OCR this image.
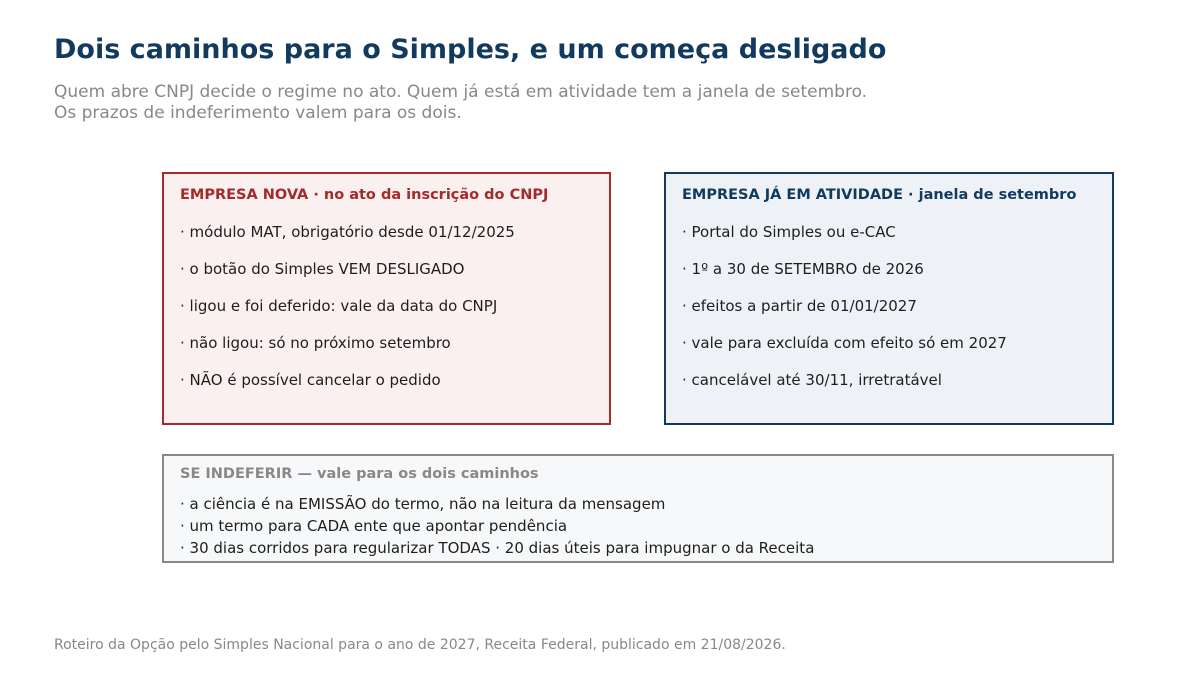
Dois caminhos para o Simples, e um começa desligado
Quem abre CNPJ decide o regime no ato. Quem já está em atividade tem a janela de setembro.
Os prazos de indeferimento valem para os dois.
EMPRESA NOVA · no ato da inscrição do CNPJ
· módulo MAT, obrigatório desde 01/12/2025
· o botão do Simples VEM DESLIGADO
· ligou e foi deferido: vale da data do CNPJ
· não ligou: só no próximo setembro
· NÃO é possível cancelar o pedido
EMPRESA JÁ EM ATIVIDADE · janela de setembro
· Portal do Simples ou e-CAC
· 1º a 30 de SETEMBRO de 2026
· efeitos a partir de 01/01/2027
· vale para excluída com efeito só em 2027
· cancelável até 30/11, irretratável
SE INDEFERIR — vale para os dois caminhos
· a ciência é na EMISSÃO do termo, não na leitura da mensagem
· um termo para CADA ente que apontar pendência
· 30 dias corridos para regularizar TODAS · 20 dias úteis para impugnar o da Receita
Roteiro da Opção pelo Simples Nacional para o ano de 2027, Receita Federal, publicado em 21/08/2026.
